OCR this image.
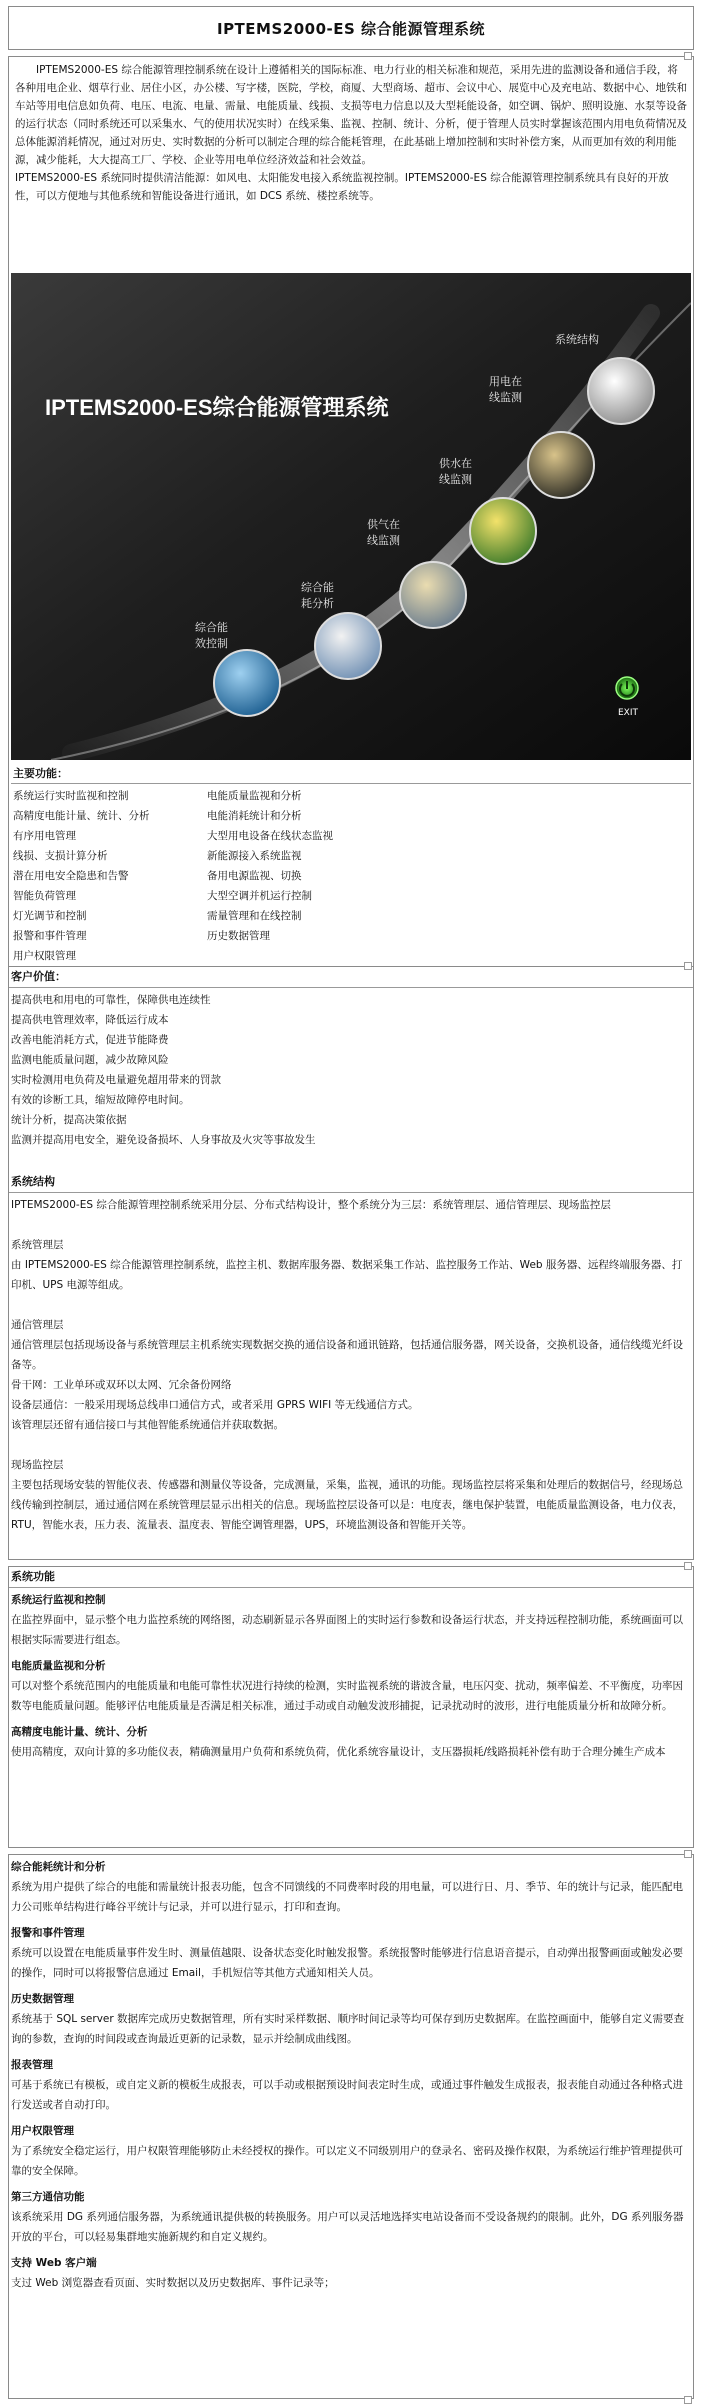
IPTEMS2000-ES 综合能源管理系统

IPTEMS2000-ES 综合能源管理控制系统在设计上遵循相关的国际标准、电力行业的相关标准和规范，采用先进的监测设备和通信手段，将各种用电企业、烟草行业、居住小区，办公楼、写字楼，医院，学校，商厦、大型商场、超市、会议中心、展览中心及充电站、数据中心、地铁和车站等用电信息如负荷、电压、电流、电量、需量、电能质量、线损、支损等电力信息以及大型耗能设备，如空调、锅炉、照明设施、水泵等设备的运行状态（同时系统还可以采集水、气的使用状况实时）在线采集、监视、控制、统计、分析，便于管理人员实时掌握该范围内用电负荷情况及总体能源消耗情况，通过对历史、实时数据的分析可以制定合理的综合能耗管理，在此基础上增加控制和实时补偿方案，从而更加有效的利用能源，减少能耗，大大提高工厂、学校、企业等用电单位经济效益和社会效益。

IPTEMS2000-ES 系统同时提供清洁能源：如风电、太阳能发电接入系统监视控制。IPTEMS2000-ES 综合能源管理控制系统具有良好的开放性，可以方便地与其他系统和智能设备进行通讯，如 DCS 系统、楼控系统等。

IPTEMS2000-ES综合能源管理系统
综合能
效控制
综合能
耗分析
供气在
线监测
供水在
线监测
用电在
线监测
系统结构
EXIT
主要功能：
系统运行实时监视和控制	电能质量监视和分析
高精度电能计量、统计、分析	电能消耗统计和分析
有序用电管理	大型用电设备在线状态监视
线损、支损计算分析	新能源接入系统监视
潜在用电安全隐患和告警	备用电源监视、切换
智能负荷管理	大型空调并机运行控制
灯光调节和控制	需量管理和在线控制
报警和事件管理	历史数据管理
用户权限管理
客户价值：

提高供电和用电的可靠性，保障供电连续性

提高供电管理效率，降低运行成本

改善电能消耗方式，促进节能降费

监测电能质量问题，减少故障风险

实时检测用电负荷及电量避免超用带来的罚款

有效的诊断工具，缩短故障停电时间。

统计分析，提高决策依据

监测并提高用电安全，避免设备损坏、人身事故及火灾等事故发生

系统结构

IPTEMS2000-ES 综合能源管理控制系统采用分层、分布式结构设计，整个系统分为三层：系统管理层、通信管理层、现场监控层

系统管理层

由 IPTEMS2000-ES 综合能源管理控制系统，监控主机、数据库服务器、数据采集工作站、监控服务工作站、Web 服务器、远程终端服务器、打印机、UPS 电源等组成。

通信管理层

通信管理层包括现场设备与系统管理层主机系统实现数据交换的通信设备和通讯链路，包括通信服务器，网关设备，交换机设备，通信线缆光纤设备等。

骨干网：工业单环或双环以太网、冗余备份网络

设备层通信：一般采用现场总线串口通信方式，或者采用 GPRS WIFI 等无线通信方式。

该管理层还留有通信接口与其他智能系统通信并获取数据。

现场监控层

主要包括现场安装的智能仪表、传感器和测量仪等设备，完成测量，采集，监视，通讯的功能。现场监控层将采集和处理后的数据信号，经现场总线传输到控制层，通过通信网在系统管理层显示出相关的信息。现场监控层设备可以是：电度表，继电保护装置，电能质量监测设备，电力仪表，RTU，智能水表，压力表、流量表、温度表、智能空调管理器，UPS，环境监测设备和智能开关等。

系统功能
系统运行监视和控制

在监控界面中，显示整个电力监控系统的网络图，动态刷新显示各界面图上的实时运行参数和设备运行状态，并支持远程控制功能，系统画面可以根据实际需要进行组态。

电能质量监视和分析

可以对整个系统范围内的电能质量和电能可靠性状况进行持续的检测，实时监视系统的谐波含量，电压闪变、扰动，频率偏差、不平衡度，功率因数等电能质量问题。能够评估电能质量是否满足相关标准，通过手动或自动触发波形捕捉，记录扰动时的波形，进行电能质量分析和故障分析。

高精度电能计量、统计、分析

使用高精度，双向计算的多功能仪表，精确测量用户负荷和系统负荷，优化系统容量设计，支压器损耗/线路损耗补偿有助于合理分摊生产成本

综合能耗统计和分析

系统为用户提供了综合的电能和需量统计报表功能，包含不同馈线的不同费率时段的用电量，可以进行日、月、季节、年的统计与记录，能匹配电力公司账单结构进行峰谷平统计与记录，并可以进行显示，打印和查询。

报警和事件管理

系统可以设置在电能质量事件发生时、测量值越限、设备状态变化时触发报警。系统报警时能够进行信息语音提示，自动弹出报警画面或触发必要的操作，同时可以将报警信息通过 Email，手机短信等其他方式通知相关人员。

历史数据管理

系统基于 SQL server 数据库完成历史数据管理，所有实时采样数据、顺序时间记录等均可保存到历史数据库。在监控画面中，能够自定义需要查询的参数，查询的时间段或查询最近更新的记录数，显示并绘制成曲线图。

报表管理

可基于系统已有模板，或自定义新的模板生成报表，可以手动或根据预设时间表定时生成，或通过事件触发生成报表，报表能自动通过各种格式进行发送或者自动打印。

用户权限管理

为了系统安全稳定运行，用户权限管理能够防止未经授权的操作。可以定义不同级别用户的登录名、密码及操作权限，为系统运行维护管理提供可靠的安全保障。

第三方通信功能

该系统采用 DG 系列通信服务器，为系统通讯提供极的转换服务。用户可以灵活地选择实电站设备而不受设备规约的限制。此外，DG 系列服务器开放的平台，可以轻易集群地实施新规约和自定义规约。

支持 Web 客户端

支过 Web 浏览器查看页面、实时数据以及历史数据库、事件记录等；
